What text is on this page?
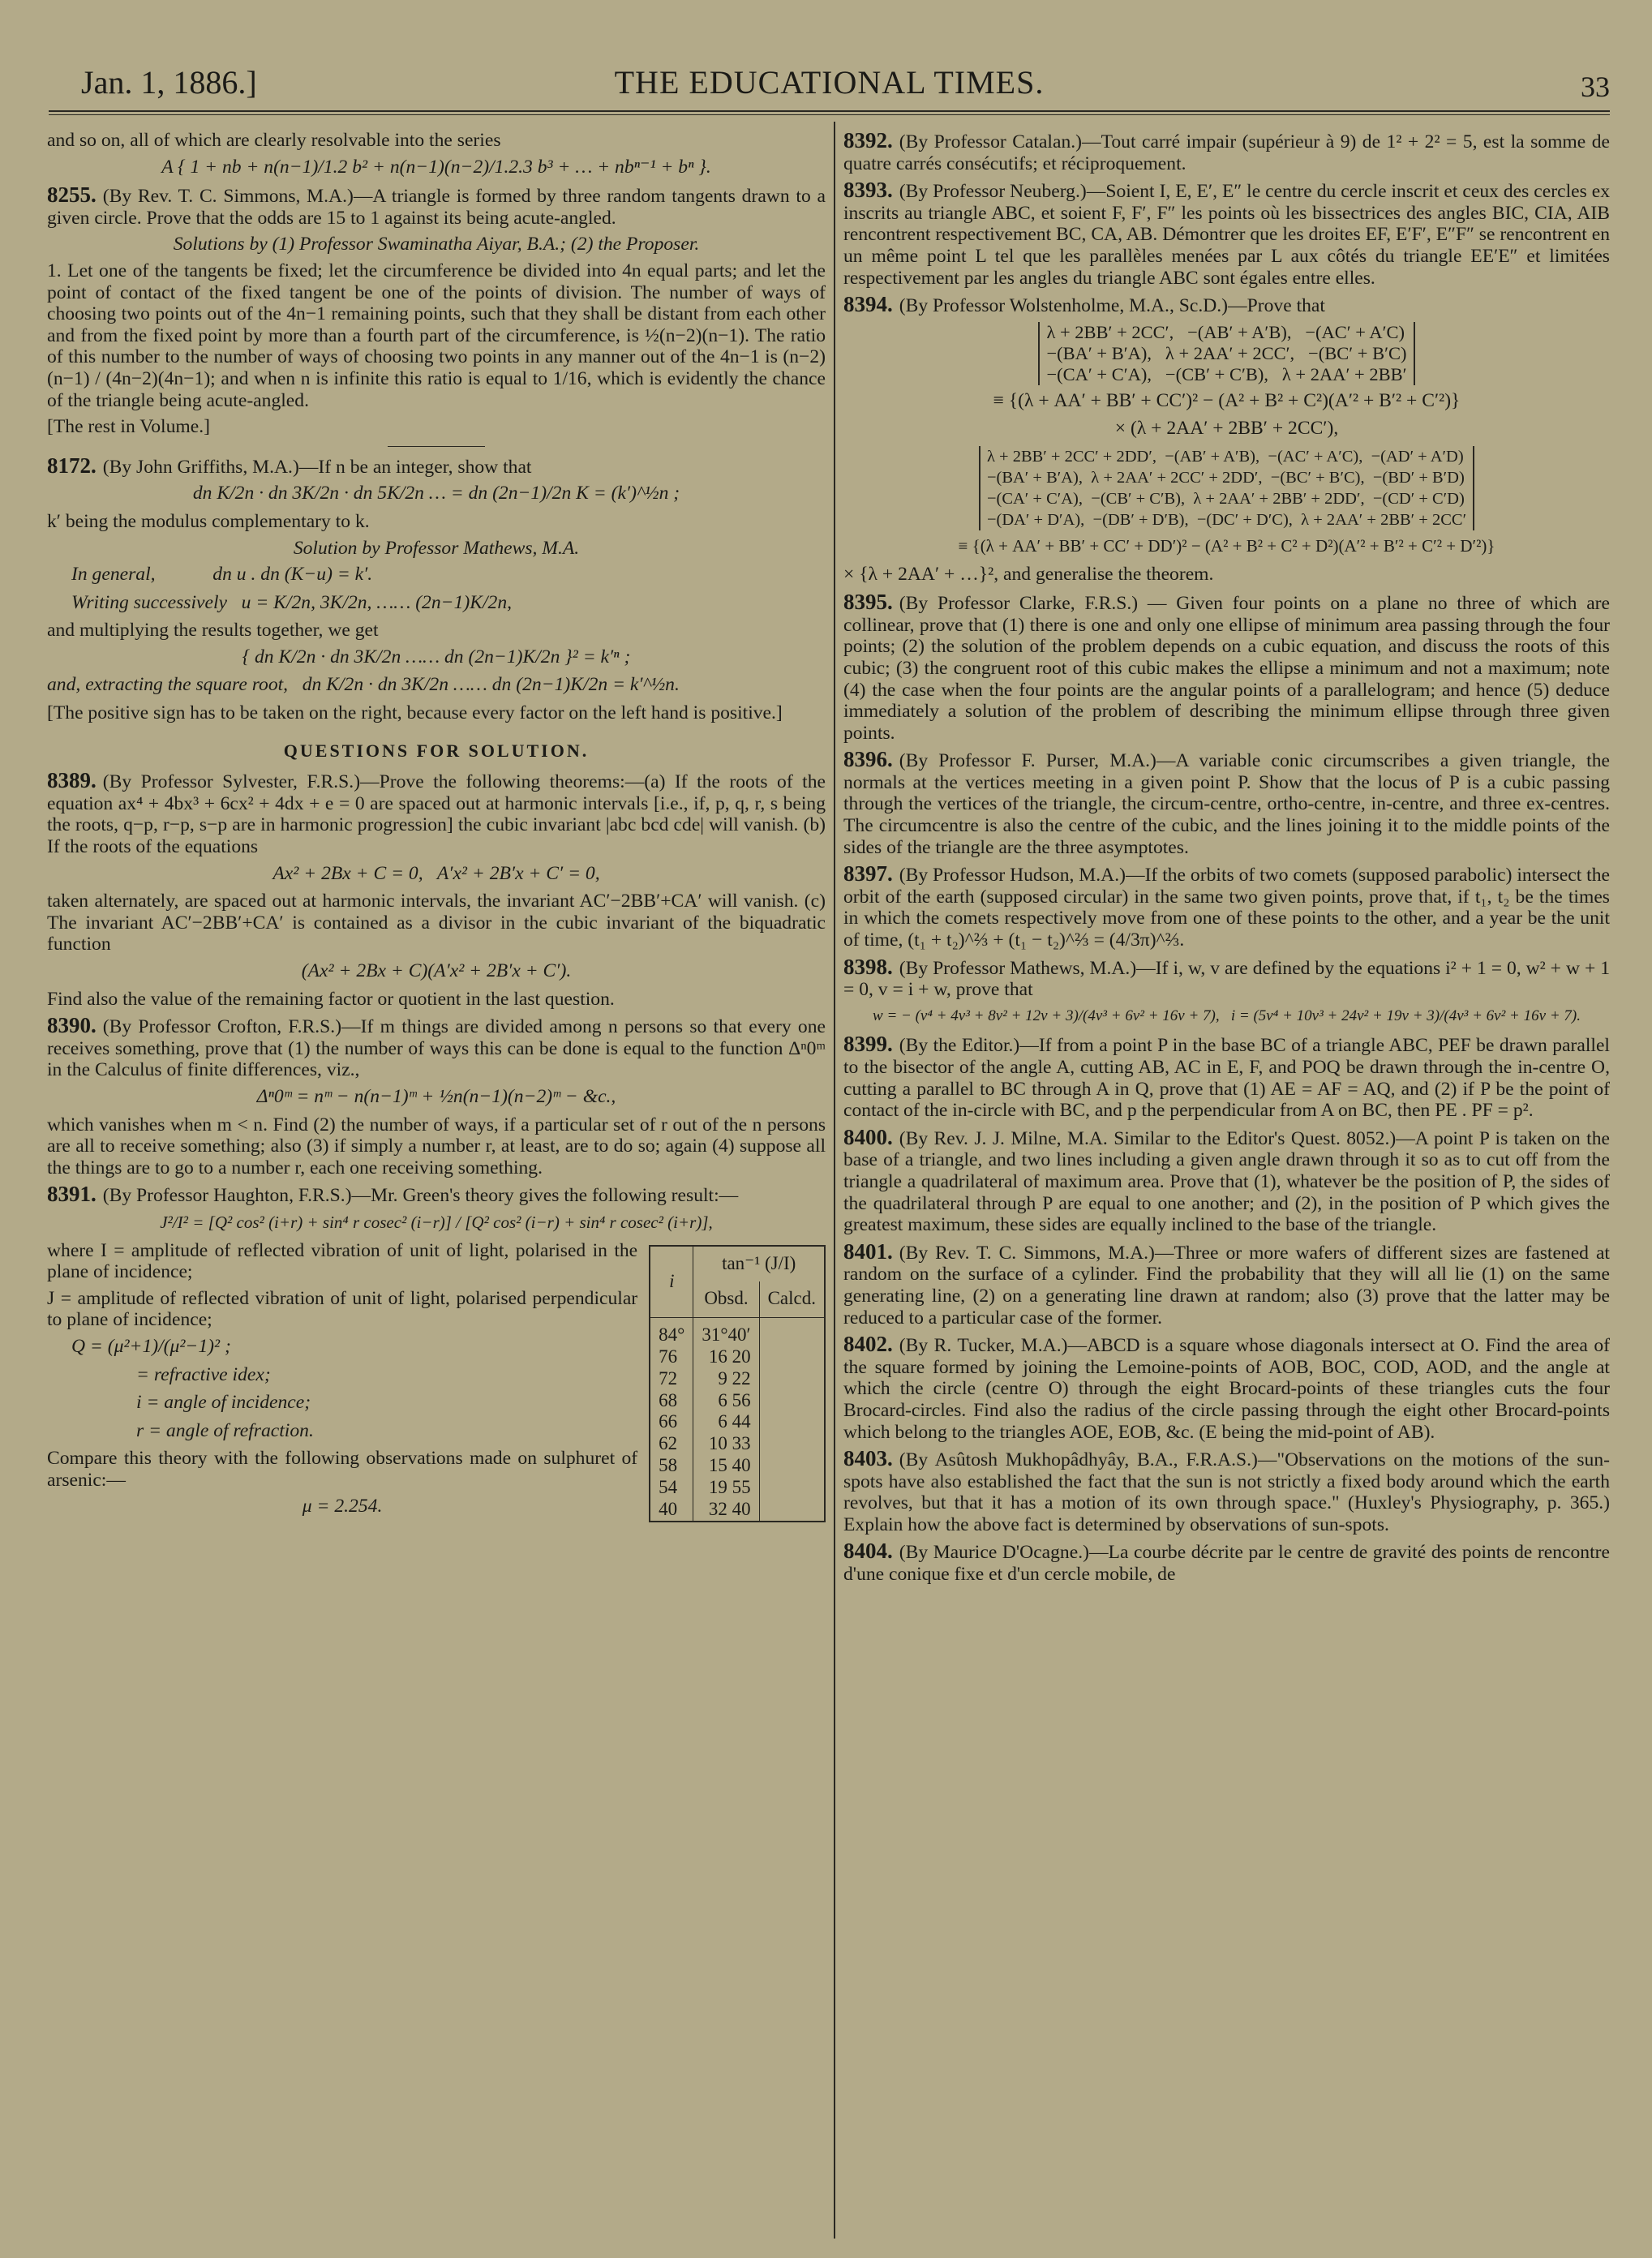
Jan. 1, 1886.]	THE EDUCATIONAL TIMES.	33

and so on, all of which are clearly resolvable into the series

A { 1 + nb + n(n−1)/1.2 b² + n(n−1)(n−2)/1.2.3 b³ + … + nbⁿ⁻¹ + bⁿ }.

8255. (By Rev. T. C. Simmons, M.A.)—A triangle is formed by three random tangents drawn to a given circle. Prove that the odds are 15 to 1 against its being acute-angled.

Solutions by (1) Professor Swaminatha Aiyar, B.A.; (2) the Proposer.

1. Let one of the tangents be fixed; let the circumference be divided into 4n equal parts; and let the point of contact of the fixed tangent be one of the points of division. The number of ways of choosing two points out of the 4n−1 remaining points, such that they shall be distant from each other and from the fixed point by more than a fourth part of the circumference, is ½(n−2)(n−1). The ratio of this number to the number of ways of choosing two points in any manner out of the 4n−1 is (n−2)(n−1) / (4n−2)(4n−1); and when n is infinite this ratio is equal to 1/16, which is evidently the chance of the triangle being acute-angled.

[The rest in Volume.]

8172. (By John Griffiths, M.A.)—If n be an integer, show that

dn K/2n · dn 3K/2n · dn 5K/2n … = dn (2n−1)/2n K = (k′)^½n ;

k′ being the modulus complementary to k.

Solution by Professor Mathews, M.A.

In general,            dn u . dn (K−u) = k′.
Writing successively   u = K/2n, 3K/2n, …… (2n−1)K/2n,

and multiplying the results together, we get

{ dn K/2n · dn 3K/2n …… dn (2n−1)K/2n }² = k′ⁿ ;
and, extracting the square root,   dn K/2n · dn 3K/2n …… dn (2n−1)K/2n = k′^½n.

[The positive sign has to be taken on the right, because every factor on the left hand is positive.]

QUESTIONS FOR SOLUTION.

8389. (By Professor Sylvester, F.R.S.)—Prove the following theorems:—(a) If the roots of the equation ax⁴ + 4bx³ + 6cx² + 4dx + e = 0 are spaced out at harmonic intervals [i.e., if, p, q, r, s being the roots, q−p, r−p, s−p are in harmonic progression] the cubic invariant |abc bcd cde| will vanish. (b) If the roots of the equations

Ax² + 2Bx + C = 0,   A′x² + 2B′x + C′ = 0,

taken alternately, are spaced out at harmonic intervals, the invariant AC′−2BB′+CA′ will vanish. (c) The invariant AC′−2BB′+CA′ is contained as a divisor in the cubic invariant of the biquadratic function

(Ax² + 2Bx + C)(A′x² + 2B′x + C′).

Find also the value of the remaining factor or quotient in the last question.

8390. (By Professor Crofton, F.R.S.)—If m things are divided among n persons so that every one receives something, prove that (1) the number of ways this can be done is equal to the function Δⁿ0ᵐ in the Calculus of finite differences, viz.,

Δⁿ0ᵐ = nᵐ − n(n−1)ᵐ + ½n(n−1)(n−2)ᵐ − &c.,

which vanishes when m < n. Find (2) the number of ways, if a particular set of r out of the n persons are all to receive something; also (3) if simply a number r, at least, are to do so; again (4) suppose all the things are to go to a number r, each one receiving something.

8391. (By Professor Haughton, F.R.S.)—Mr. Green's theory gives the following result:—

J²/I² = [Q² cos² (i+r) + sin⁴ r cosec² (i−r)] / [Q² cos² (i−r) + sin⁴ r cosec² (i+r)],

where I = amplitude of reflected vibration of unit of light, polarised in the plane of incidence;

J = amplitude of reflected vibration of unit of light, polarised perpendicular to plane of incidence;

Q = (μ²+1)/(μ²−1)² ;

= refractive idex;

i = angle of incidence;

r = angle of refraction.

Compare this theory with the following observations made on sulphuret of arsenic:—

μ = 2.254.

i	tan⁻¹ (J/I)	
	Obsd.	Calcd.
84°	31°40′	
76	16 20	
72	9 22	
68	6 56	
66	6 44	
62	10 33	
58	15 40	
54	19 55	
40	32 40	

8392. (By Professor Catalan.)—Tout carré impair (supérieur à 9) de 1² + 2² = 5, est la somme de quatre carrés consécutifs; et réciproquement.

8393. (By Professor Neuberg.)—Soient I, E, E′, E″ le centre du cercle inscrit et ceux des cercles ex inscrits au triangle ABC, et soient F, F′, F″ les points où les bissectrices des angles BIC, CIA, AIB rencontrent respectivement BC, CA, AB. Démontrer que les droites EF, E′F′, E″F″ se rencontrent en un même point L tel que les parallèles menées par L aux côtés du triangle EE′E″ et limitées respectivement par les angles du triangle ABC sont égales entre elles.

8394. (By Professor Wolstenholme, M.A., Sc.D.)—Prove that

λ + 2BB′ + 2CC′,   −(AB′ + A′B),   −(AC′ + A′C)
−(BA′ + B′A),   λ + 2AA′ + 2CC′,   −(BC′ + B′C)
−(CA′ + C′A),   −(CB′ + C′B),   λ + 2AA′ + 2BB′
≡ {(λ + AA′ + BB′ + CC′)² − (A² + B² + C²)(A′² + B′² + C′²)}
× (λ + 2AA′ + 2BB′ + 2CC′),
λ + 2BB′ + 2CC′ + 2DD′,  −(AB′ + A′B),  −(AC′ + A′C),  −(AD′ + A′D)
−(BA′ + B′A),  λ + 2AA′ + 2CC′ + 2DD′,  −(BC′ + B′C),  −(BD′ + B′D)
−(CA′ + C′A),  −(CB′ + C′B),  λ + 2AA′ + 2BB′ + 2DD′,  −(CD′ + C′D)
−(DA′ + D′A),  −(DB′ + D′B),  −(DC′ + D′C),  λ + 2AA′ + 2BB′ + 2CC′
≡ {(λ + AA′ + BB′ + CC′ + DD′)² − (A² + B² + C² + D²)(A′² + B′² + C′² + D′²)}
× {λ + 2AA′ + …}², and generalise the theorem.

8395. (By Professor Clarke, F.R.S.) — Given four points on a plane no three of which are collinear, prove that (1) there is one and only one ellipse of minimum area passing through the four points; (2) the solution of the problem depends on a cubic equation, and discuss the roots of this cubic; (3) the congruent root of this cubic makes the ellipse a minimum and not a maximum; note (4) the case when the four points are the angular points of a parallelogram; and hence (5) deduce immediately a solution of the problem of describing the minimum ellipse through three given points.

8396. (By Professor F. Purser, M.A.)—A variable conic circumscribes a given triangle, the normals at the vertices meeting in a given point P. Show that the locus of P is a cubic passing through the vertices of the triangle, the circum-centre, ortho-centre, in-centre, and three ex-centres. The circumcentre is also the centre of the cubic, and the lines joining it to the middle points of the sides of the triangle are the three asymptotes.

8397. (By Professor Hudson, M.A.)—If the orbits of two comets (supposed parabolic) intersect the orbit of the earth (supposed circular) in the same two given points, prove that, if t₁, t₂ be the times in which the comets respectively move from one of these points to the other, and a year be the unit of time, (t₁ + t₂)^⅔ + (t₁ − t₂)^⅔ = (4/3π)^⅔.

8398. (By Professor Mathews, M.A.)—If i, w, v are defined by the equations i² + 1 = 0, w² + w + 1 = 0, v = i + w, prove that

w = − (v⁴ + 4v³ + 8v² + 12v + 3)/(4v³ + 6v² + 16v + 7),   i = (5v⁴ + 10v³ + 24v² + 19v + 3)/(4v³ + 6v² + 16v + 7).

8399. (By the Editor.)—If from a point P in the base BC of a triangle ABC, PEF be drawn parallel to the bisector of the angle A, cutting AB, AC in E, F, and POQ be drawn through the in-centre O, cutting a parallel to BC through A in Q, prove that (1) AE = AF = AQ, and (2) if P be the point of contact of the in-circle with BC, and p the perpendicular from A on BC, then PE . PF = p².

8400. (By Rev. J. J. Milne, M.A. Similar to the Editor's Quest. 8052.)—A point P is taken on the base of a triangle, and two lines including a given angle drawn through it so as to cut off from the triangle a quadrilateral of maximum area. Prove that (1), whatever be the position of P, the sides of the quadrilateral through P are equal to one another; and (2), in the position of P which gives the greatest maximum, these sides are equally inclined to the base of the triangle.

8401. (By Rev. T. C. Simmons, M.A.)—Three or more wafers of different sizes are fastened at random on the surface of a cylinder. Find the probability that they will all lie (1) on the same generating line, (2) on a generating line drawn at random; also (3) prove that the latter may be reduced to a particular case of the former.

8402. (By R. Tucker, M.A.)—ABCD is a square whose diagonals intersect at O. Find the area of the square formed by joining the Lemoine-points of AOB, BOC, COD, AOD, and the angle at which the circle (centre O) through the eight Brocard-points of these triangles cuts the four Brocard-circles. Find also the radius of the circle passing through the eight other Brocard-points which belong to the triangles AOE, EOB, &c. (E being the mid-point of AB).

8403. (By Asûtosh Mukhopâdhyây, B.A., F.R.A.S.)—"Observations on the motions of the sun-spots have also established the fact that the sun is not strictly a fixed body around which the earth revolves, but that it has a motion of its own through space." (Huxley's Physiography, p. 365.) Explain how the above fact is determined by observations of sun-spots.

8404. (By Maurice D'Ocagne.)—La courbe décrite par le centre de gravité des points de rencontre d'une conique fixe et d'un cercle mobile, de
